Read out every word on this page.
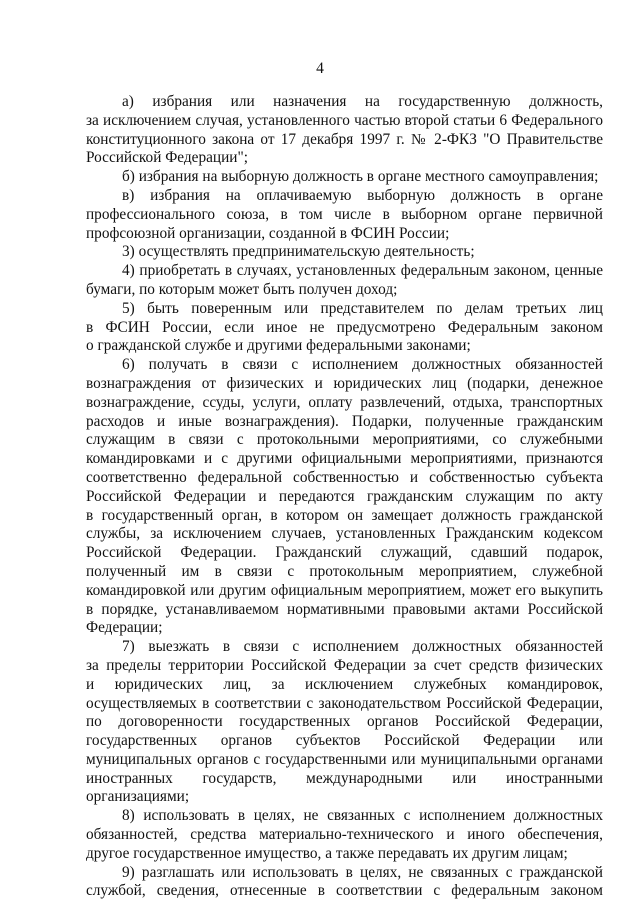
4
а) избрания или назначения на государственную должность,
за исключением случая, установленного частью второй статьи 6 Федерального
конституционного закона от 17 декабря 1997 г. № 2-ФКЗ "О Правительстве
Российской Федерации";
б) избрания на выборную должность в органе местного самоуправления;
в) избрания на оплачиваемую выборную должность в органе
профессионального союза, в том числе в выборном органе первичной
профсоюзной организации, созданной в ФСИН России;
3) осуществлять предпринимательскую деятельность;
4) приобретать в случаях, установленных федеральным законом, ценные
бумаги, по которым может быть получен доход;
5) быть поверенным или представителем по делам третьих лиц
в ФСИН России, если иное не предусмотрено Федеральным законом
о гражданской службе и другими федеральными законами;
6) получать в связи с исполнением должностных обязанностей
вознаграждения от физических и юридических лиц (подарки, денежное
вознаграждение, ссуды, услуги, оплату развлечений, отдыха, транспортных
расходов и иные вознаграждения). Подарки, полученные гражданским
служащим в связи с протокольными мероприятиями, со служебными
командировками и с другими официальными мероприятиями, признаются
соответственно федеральной собственностью и собственностью субъекта
Российской Федерации и передаются гражданским служащим по акту
в государственный орган, в котором он замещает должность гражданской
службы, за исключением случаев, установленных Гражданским кодексом
Российской Федерации. Гражданский служащий, сдавший подарок,
полученный им в связи с протокольным мероприятием, служебной
командировкой или другим официальным мероприятием, может его выкупить
в порядке, устанавливаемом нормативными правовыми актами Российской
Федерации;
7) выезжать в связи с исполнением должностных обязанностей
за пределы территории Российской Федерации за счет средств физических
и юридических лиц, за исключением служебных командировок,
осуществляемых в соответствии с законодательством Российской Федерации,
по договоренности государственных органов Российской Федерации,
государственных органов субъектов Российской Федерации или
муниципальных органов с государственными или муниципальными органами
иностранных государств, международными или иностранными
организациями;
8) использовать в целях, не связанных с исполнением должностных
обязанностей, средства материально-технического и иного обеспечения,
другое государственное имущество, а также передавать их другим лицам;
9) разглашать или использовать в целях, не связанных с гражданской
службой, сведения, отнесенные в соответствии с федеральным законом
